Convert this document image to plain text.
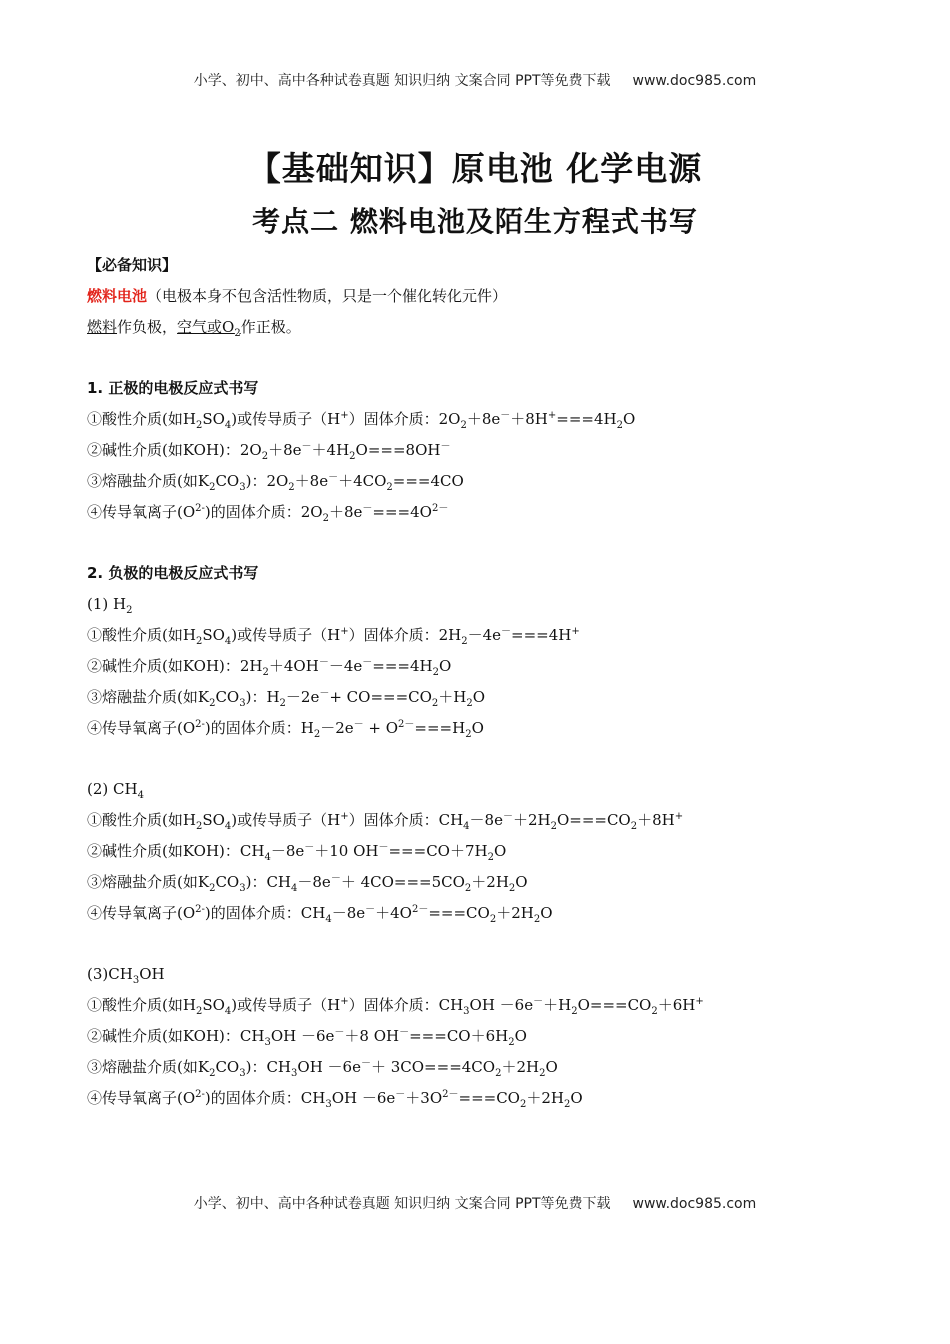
小学、初中、高中各种试卷真题 知识归纳 文案合同 PPT等免费下载 www.doc985.com
【基础知识】原电池 化学电源
考点二 燃料电池及陌生方程式书写
【必备知识】
燃料电池（电极本身不包含活性物质，只是一个催化转化元件）
燃料作负极，空气或$O_2$作正极。
1. 正极的电极反应式书写
①酸性介质(如$H_2SO_4$)或传导质子（H+）固体介质：$2O_2+8e^-+8H^+===4H_2O$
②碱性介质(如KOH)：$2O_2+8e^-+4H_2O===8OH^-$
③熔融盐介质(如$K_2CO_3$)：$2O_2+8e^-+4CO_2===4CO$
④传导氧离子$(O^{2-})$的固体介质：$2O_2+8e^-===4O^{2-}$
2. 负极的电极反应式书写
(1) $H_2$
①酸性介质(如$H_2SO_4$)或传导质子（H+）固体介质：$2H_2-4e^-===4H^+$
②碱性介质(如KOH)：$2H_2+4OH^--4e^-===4H_2O$
③熔融盐介质(如$K_2CO_3$)：$H_2-2e^-+ CO===CO_2+H_2O$
④传导氧离子$(O^{2-})$的固体介质：$H_2-2e^- + O^{2-}===H_2O$
(2) $CH_4$
①酸性介质(如$H_2SO_4$)或传导质子（H+）固体介质：$CH_4-8e^-+2H_2O===CO_2+8H^+$
②碱性介质(如KOH)：$CH_4-8e^-+10$ $OH^-===CO+7H_2O$
③熔融盐介质(如$K_2CO_3$)：$CH_4-8e^-+ 4CO===5CO_2+2H_2O$
④传导氧离子$(O^{2-})$的固体介质：$CH_4-8e^-+4O^{2-}===CO_2+2H_2O$
$(3)CH_3OH$
①酸性介质(如$H_2SO_4$)或传导质子（H+）固体介质：$CH_3OH -6e^-+H_2O===CO_2+6H^+$
②碱性介质(如KOH)：$CH_3OH -6e^-+8$ $OH^-===CO+6H_2O$
③熔融盐介质(如$K_2CO_3$)：$CH_3OH -6e^-+ 3CO===4CO_2+2H_2O$
④传导氧离子$(O^{2-})$的固体介质：$CH_3OH -6e^-+3O^{2-}===CO_2+2H_2O$
小学、初中、高中各种试卷真题 知识归纳 文案合同 PPT等免费下载 www.doc985.com
